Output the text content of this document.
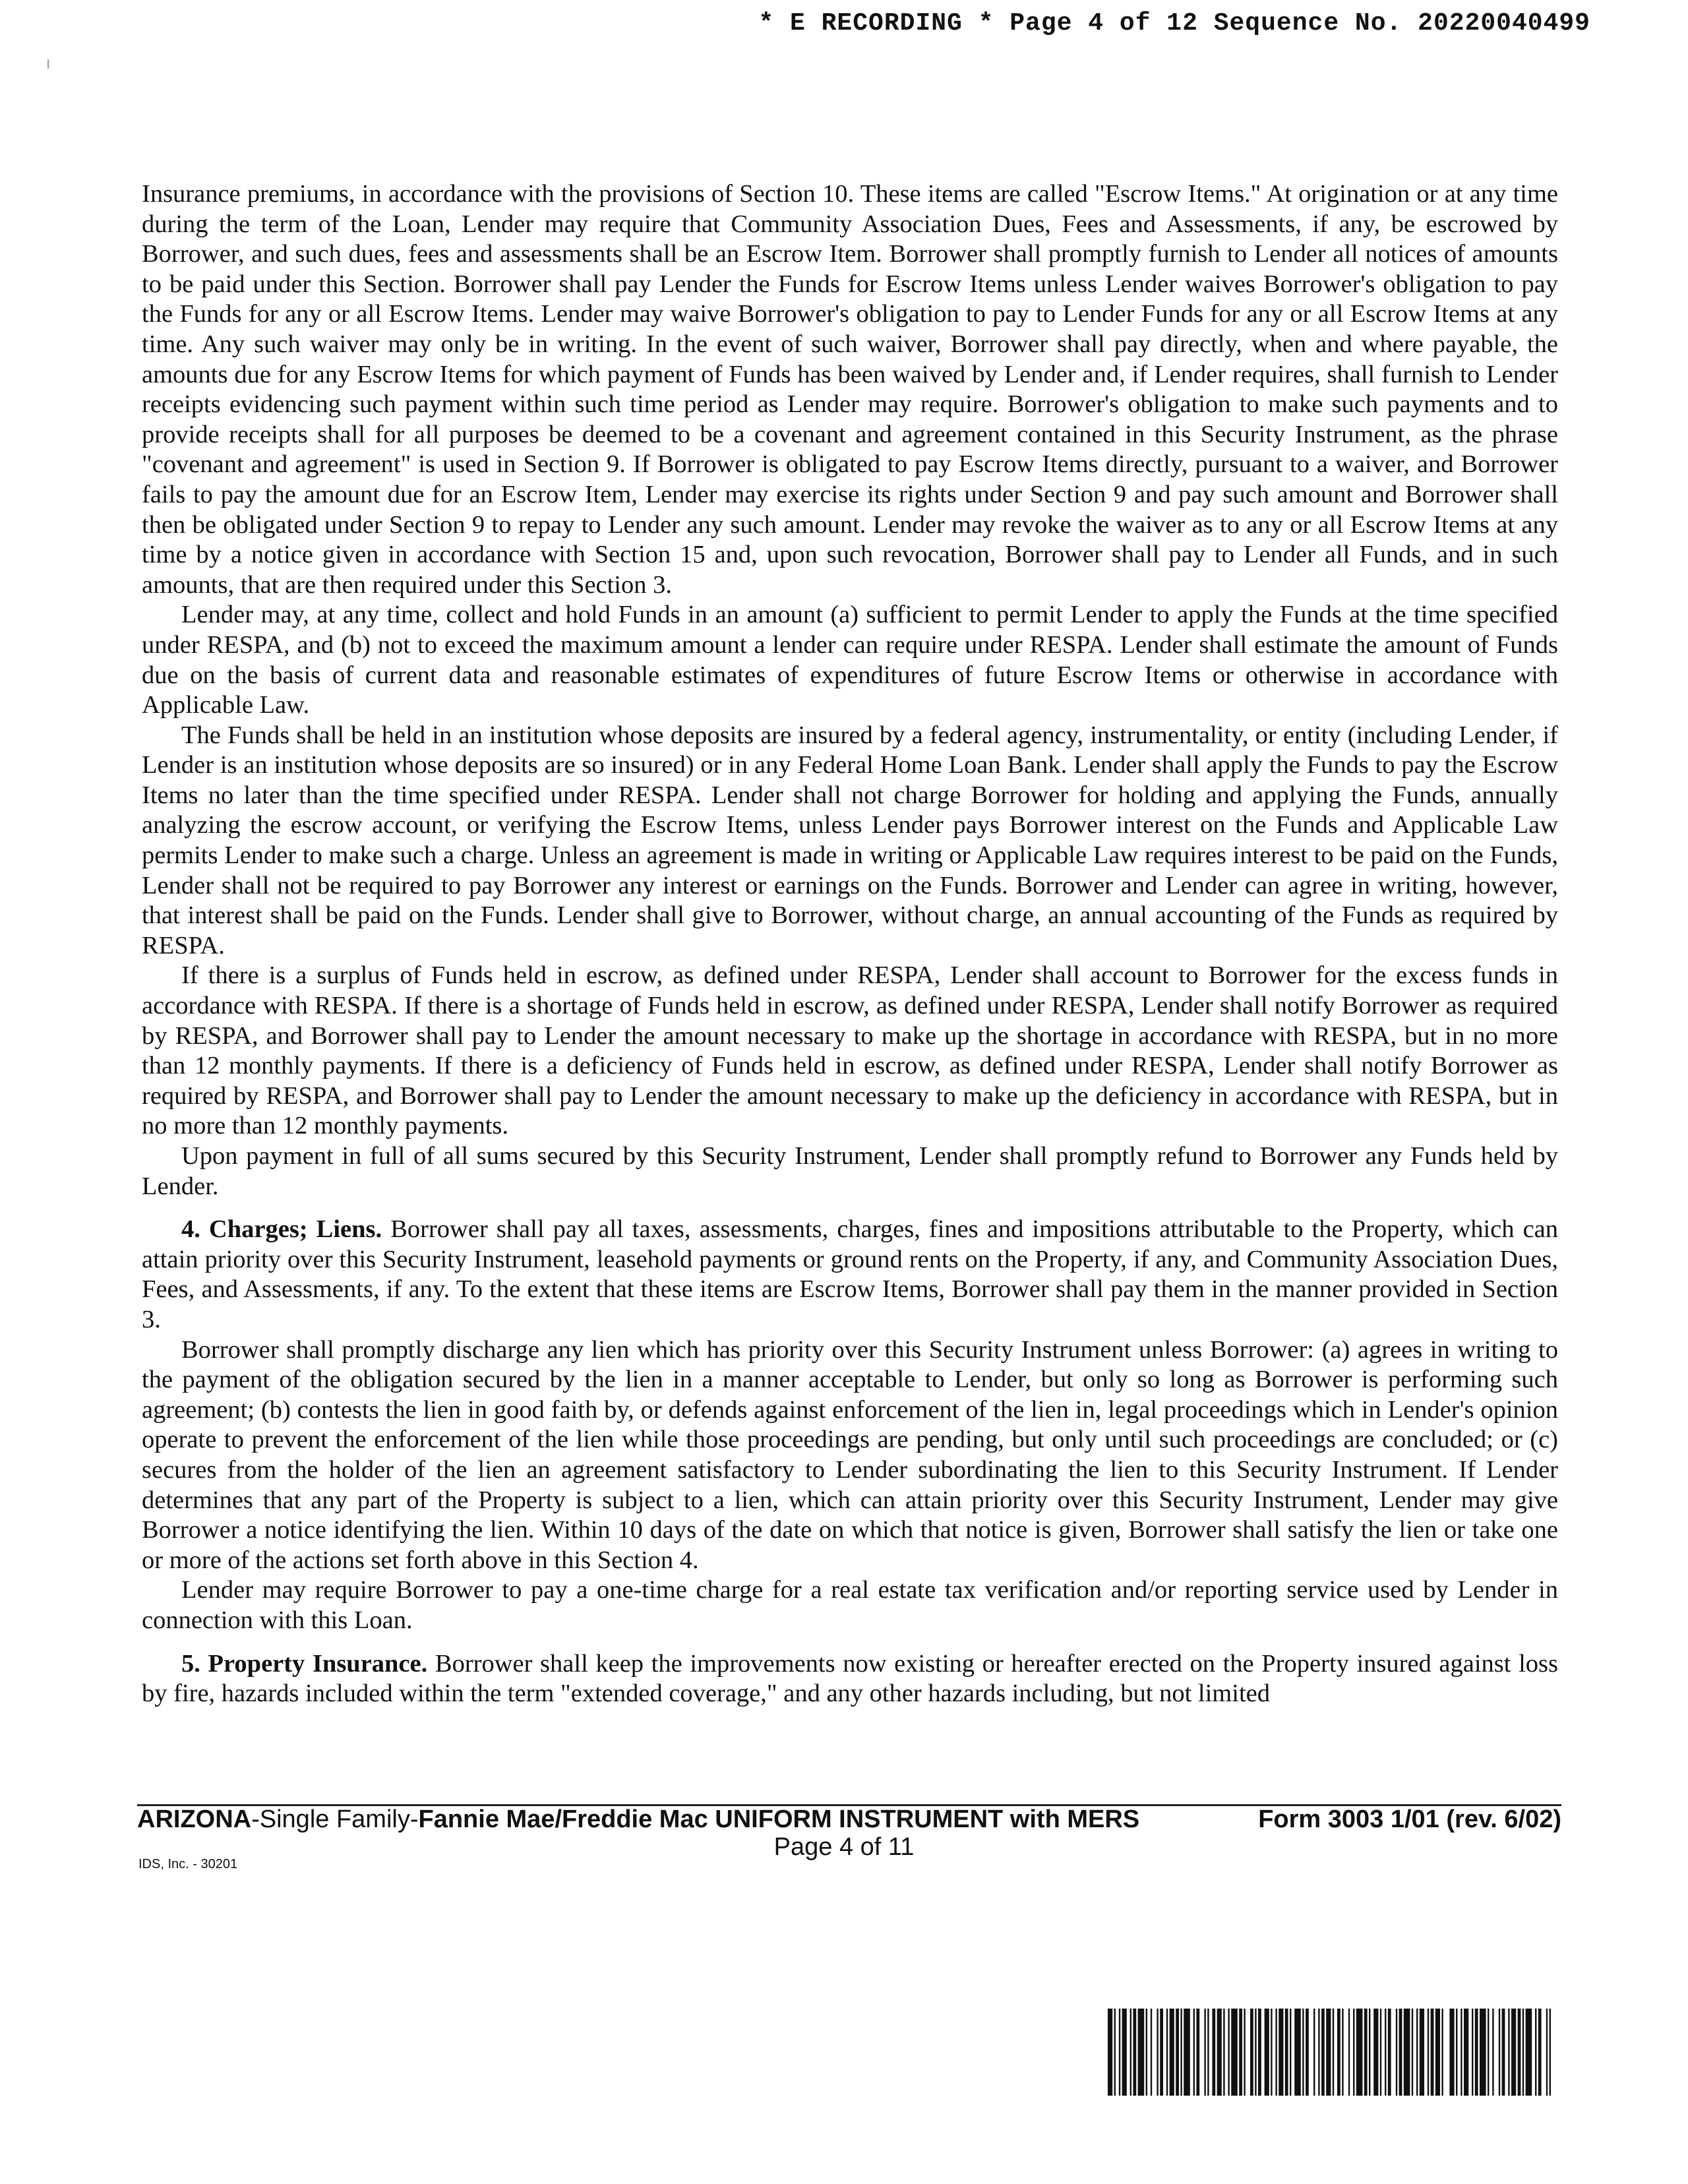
* E RECORDING * Page 4 of 12 Sequence No. 20220040499

Insurance premiums, in accordance with the provisions of Section 10. These items are called "Escrow Items." At origination or at any time during the term of the Loan, Lender may require that Community Association Dues, Fees and Assessments, if any, be escrowed by Borrower, and such dues, fees and assessments shall be an Escrow Item. Borrower shall promptly furnish to Lender all notices of amounts to be paid under this Section. Borrower shall pay Lender the Funds for Escrow Items unless Lender waives Borrower's obligation to pay the Funds for any or all Escrow Items. Lender may waive Borrower's obligation to pay to Lender Funds for any or all Escrow Items at any time. Any such waiver may only be in writing. In the event of such waiver, Borrower shall pay directly, when and where payable, the amounts due for any Escrow Items for which payment of Funds has been waived by Lender and, if Lender requires, shall furnish to Lender receipts evidencing such payment within such time period as Lender may require. Borrower's obligation to make such payments and to provide receipts shall for all purposes be deemed to be a covenant and agreement contained in this Security Instrument, as the phrase "covenant and agreement" is used in Section 9. If Borrower is obligated to pay Escrow Items directly, pursuant to a waiver, and Borrower fails to pay the amount due for an Escrow Item, Lender may exercise its rights under Section 9 and pay such amount and Borrower shall then be obligated under Section 9 to repay to Lender any such amount. Lender may revoke the waiver as to any or all Escrow Items at any time by a notice given in accordance with Section 15 and, upon such revocation, Borrower shall pay to Lender all Funds, and in such amounts, that are then required under this Section 3.

Lender may, at any time, collect and hold Funds in an amount (a) sufficient to permit Lender to apply the Funds at the time specified under RESPA, and (b) not to exceed the maximum amount a lender can require under RESPA. Lender shall estimate the amount of Funds due on the basis of current data and reasonable estimates of expenditures of future Escrow Items or otherwise in accordance with Applicable Law.

The Funds shall be held in an institution whose deposits are insured by a federal agency, instrumentality, or entity (including Lender, if Lender is an institution whose deposits are so insured) or in any Federal Home Loan Bank. Lender shall apply the Funds to pay the Escrow Items no later than the time specified under RESPA. Lender shall not charge Borrower for holding and applying the Funds, annually analyzing the escrow account, or verifying the Escrow Items, unless Lender pays Borrower interest on the Funds and Applicable Law permits Lender to make such a charge. Unless an agreement is made in writing or Applicable Law requires interest to be paid on the Funds, Lender shall not be required to pay Borrower any interest or earnings on the Funds. Borrower and Lender can agree in writing, however, that interest shall be paid on the Funds. Lender shall give to Borrower, without charge, an annual accounting of the Funds as required by RESPA.

If there is a surplus of Funds held in escrow, as defined under RESPA, Lender shall account to Borrower for the excess funds in accordance with RESPA. If there is a shortage of Funds held in escrow, as defined under RESPA, Lender shall notify Borrower as required by RESPA, and Borrower shall pay to Lender the amount necessary to make up the shortage in accordance with RESPA, but in no more than 12 monthly payments. If there is a deficiency of Funds held in escrow, as defined under RESPA, Lender shall notify Borrower as required by RESPA, and Borrower shall pay to Lender the amount necessary to make up the deficiency in accordance with RESPA, but in no more than 12 monthly payments.

Upon payment in full of all sums secured by this Security Instrument, Lender shall promptly refund to Borrower any Funds held by Lender.

4. Charges; Liens. Borrower shall pay all taxes, assessments, charges, fines and impositions attributable to the Property, which can attain priority over this Security Instrument, leasehold payments or ground rents on the Property, if any, and Community Association Dues, Fees, and Assessments, if any. To the extent that these items are Escrow Items, Borrower shall pay them in the manner provided in Section 3.

Borrower shall promptly discharge any lien which has priority over this Security Instrument unless Borrower: (a) agrees in writing to the payment of the obligation secured by the lien in a manner acceptable to Lender, but only so long as Borrower is performing such agreement; (b) contests the lien in good faith by, or defends against enforcement of the lien in, legal proceedings which in Lender's opinion operate to prevent the enforcement of the lien while those proceedings are pending, but only until such proceedings are concluded; or (c) secures from the holder of the lien an agreement satisfactory to Lender subordinating the lien to this Security Instrument. If Lender determines that any part of the Property is subject to a lien, which can attain priority over this Security Instrument, Lender may give Borrower a notice identifying the lien. Within 10 days of the date on which that notice is given, Borrower shall satisfy the lien or take one or more of the actions set forth above in this Section 4.

Lender may require Borrower to pay a one-time charge for a real estate tax verification and/or reporting service used by Lender in connection with this Loan.

5. Property Insurance. Borrower shall keep the improvements now existing or hereafter erected on the Property insured against loss by fire, hazards included within the term "extended coverage," and any other hazards including, but not limited

ARIZONA-Single Family-Fannie Mae/Freddie Mac UNIFORM INSTRUMENT with MERS	Form 3003 1/01 (rev. 6/02)
Page 4 of 11
IDS, Inc. - 30201
